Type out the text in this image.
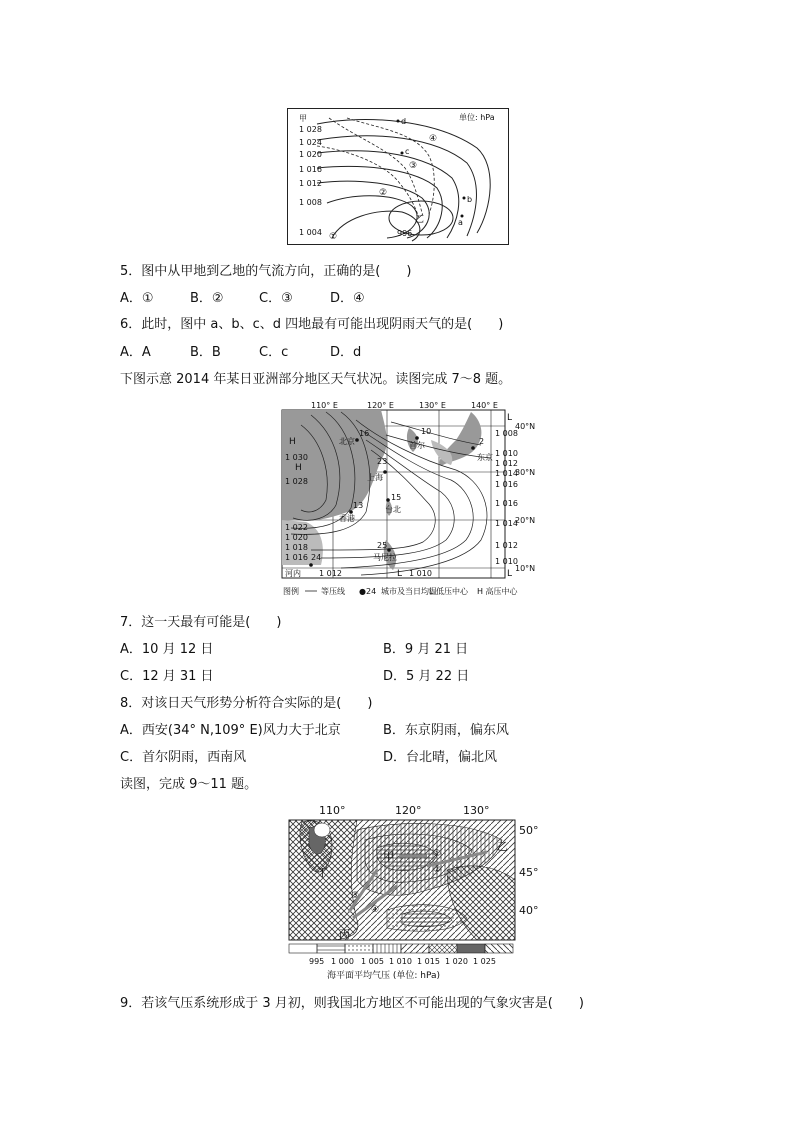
甲
1 028
1 024
1 020
1 016
1 012
1 008
1 004
单位: hPa
996
乙	a
b
c
d
①
②
③
④
5．图中从甲地到乙地的气流方向，正确的是(　　)
A．①	B．②	C．③	D．④
6．此时，图中 a、b、c、d 四地最有可能出现阴雨天气的是(　　)
A．A	B．B	C．c	D．d
下图示意 2014 年某日亚洲部分地区天气状况。读图完成 7～8 题。
110° E	120° E	130° E	140° E
40°N
30°N
20°N
10°N
1 008
1 010
1 012
1 014
1 016
1 016
1 014
1 012
1 010
1 030
1 028
1 022
1 020
1 018
1 016
1 012	1 010
H
H
L
L	L
北京
上海
台北
香港
马尼拉
东京
首尔
河内
16
15
13
25
24
23
10
2
图例	等压线 ●24 城市及当日均温
L 低压中心 H 高压中心
7．这一天最有可能是(　　)
A．10 月 12 日	B．9 月 21 日
C．12 月 31 日	D．5 月 22 日
8．对该日天气形势分析符合实际的是(　　)
A．西安(34° N,109° E)风力大于北京	B．东京阴雨，偏东风
C．首尔阴雨，西南风	D．台北晴，偏北风
读图，完成 9～11 题。
甲
乙
丙
丁
①
②
③
④
110°	120°	130°
50°
45°
40°
995 1 000 1 005 1 010 1 015 1 020 1 025
海平面平均气压 (单位: hPa)
9．若该气压系统形成于 3 月初，则我国北方地区不可能出现的气象灾害是(　　)
